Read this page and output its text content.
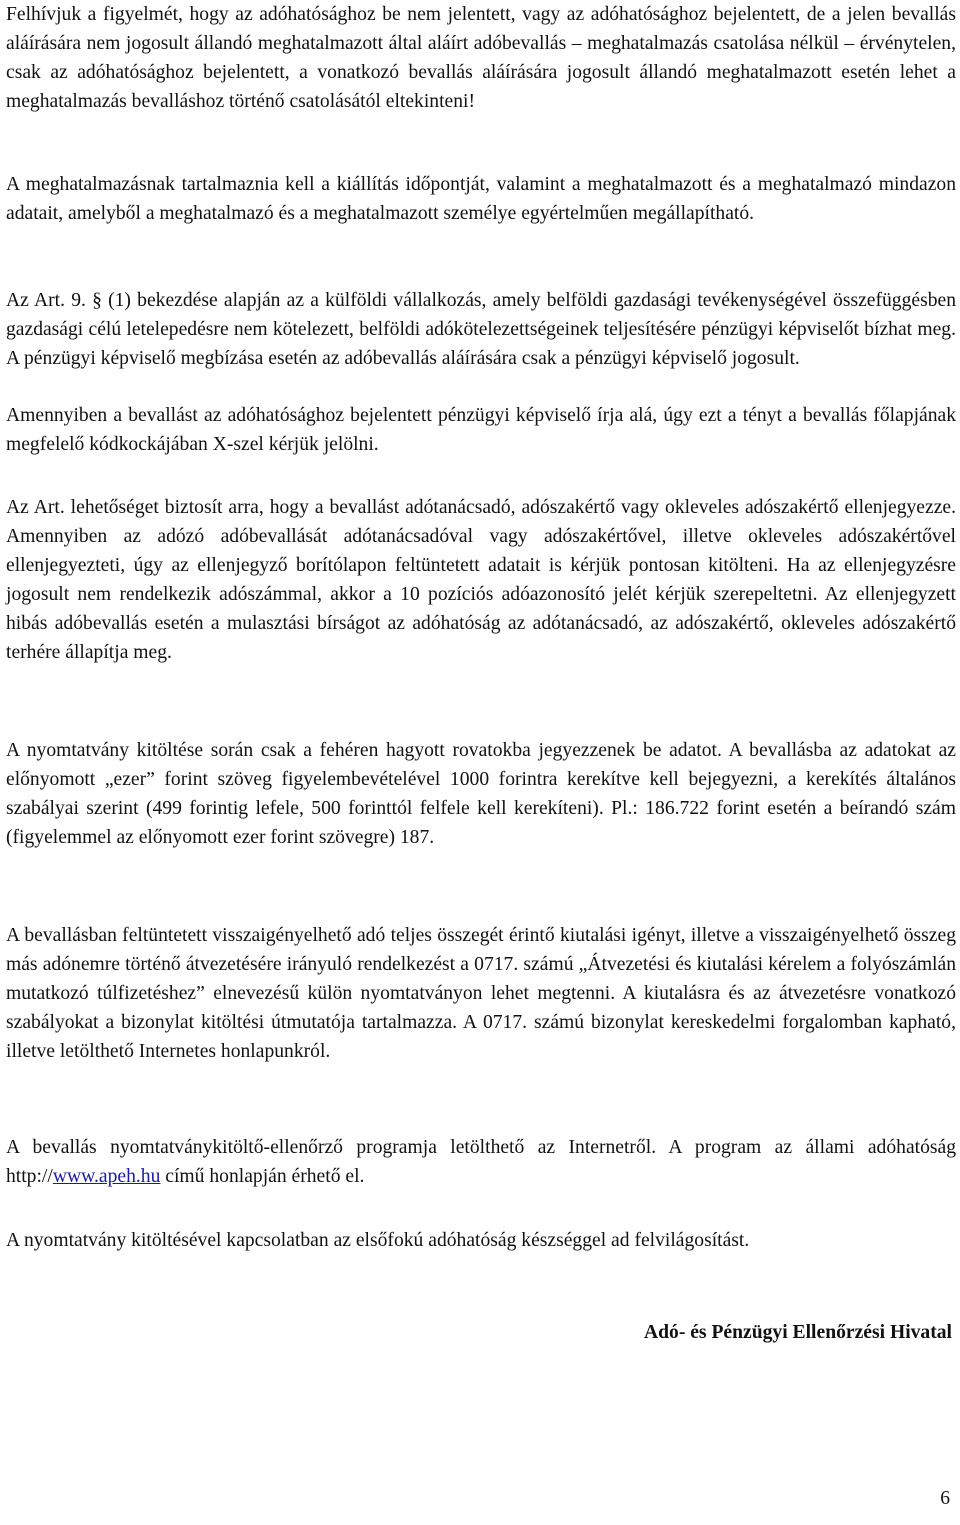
Felhívjuk a figyelmét, hogy az adóhatósághoz be nem jelentett, vagy az adóhatósághoz bejelentett, de a jelen bevallás aláírására nem jogosult állandó meghatalmazott által aláírt adóbevallás – meghatalmazás csatolása nélkül – érvénytelen, csak az adóhatósághoz bejelentett, a vonatkozó bevallás aláírására jogosult állandó meghatalmazott esetén lehet a meghatalmazás bevalláshoz történő csatolásától eltekinteni!

A meghatalmazásnak tartalmaznia kell a kiállítás időpontját, valamint a meghatalmazott és a meghatalmazó mindazon adatait, amelyből a meghatalmazó és a meghatalmazott személye egyértelműen megállapítható.

Az Art. 9. § (1) bekezdése alapján az a külföldi vállalkozás, amely belföldi gazdasági tevékenységével összefüggésben gazdasági célú letelepedésre nem kötelezett, belföldi adókötelezettségeinek teljesítésére pénzügyi képviselőt bízhat meg. A pénzügyi képviselő megbízása esetén az adóbevallás aláírására csak a pénzügyi képviselő jogosult.

Amennyiben a bevallást az adóhatósághoz bejelentett pénzügyi képviselő írja alá, úgy ezt a tényt a bevallás főlapjának megfelelő kódkockájában X-szel kérjük jelölni.

Az Art. lehetőséget biztosít arra, hogy a bevallást adótanácsadó, adószakértő vagy okleveles adószakértő ellenjegyezze. Amennyiben az adózó adóbevallását adótanácsadóval vagy adószakértővel, illetve okleveles adószakértővel ellenjegyezteti, úgy az ellenjegyző borítólapon feltüntetett adatait is kérjük pontosan kitölteni. Ha az ellenjegyzésre jogosult nem rendelkezik adószámmal, akkor a 10 pozíciós adóazonosító jelét kérjük szerepeltetni. Az ellenjegyzett hibás adóbevallás esetén a mulasztási bírságot az adóhatóság az adótanácsadó, az adószakértő, okleveles adószakértő terhére állapítja meg.

A nyomtatvány kitöltése során csak a fehéren hagyott rovatokba jegyezzenek be adatot. A bevallásba az adatokat az előnyomott „ezer” forint szöveg figyelembevételével 1000 forintra kerekítve kell bejegyezni, a kerekítés általános szabályai szerint (499 forintig lefele, 500 forinttól felfele kell kerekíteni). Pl.: 186.722 forint esetén a beírandó szám (figyelemmel az előnyomott ezer forint szövegre) 187.

A bevallásban feltüntetett visszaigényelhető adó teljes összegét érintő kiutalási igényt, illetve a visszaigényelhető összeg más adónemre történő átvezetésére irányuló rendelkezést a 0717. számú „Átvezetési és kiutalási kérelem a folyószámlán mutatkozó túlfizetéshez” elnevezésű külön nyomtatványon lehet megtenni. A kiutalásra és az átvezetésre vonatkozó szabályokat a bizonylat kitöltési útmutatója tartalmazza. A 0717. számú bizonylat kereskedelmi forgalomban kapható, illetve letölthető Internetes honlapunkról.

A bevallás nyomtatványkitöltő-ellenőrző programja letölthető az Internetről. A program az állami adóhatóság http://www.apeh.hu című honlapján érhető el.

A nyomtatvány kitöltésével kapcsolatban az elsőfokú adóhatóság készséggel ad felvilágosítást.

Adó- és Pénzügyi Ellenőrzési Hivatal

6
